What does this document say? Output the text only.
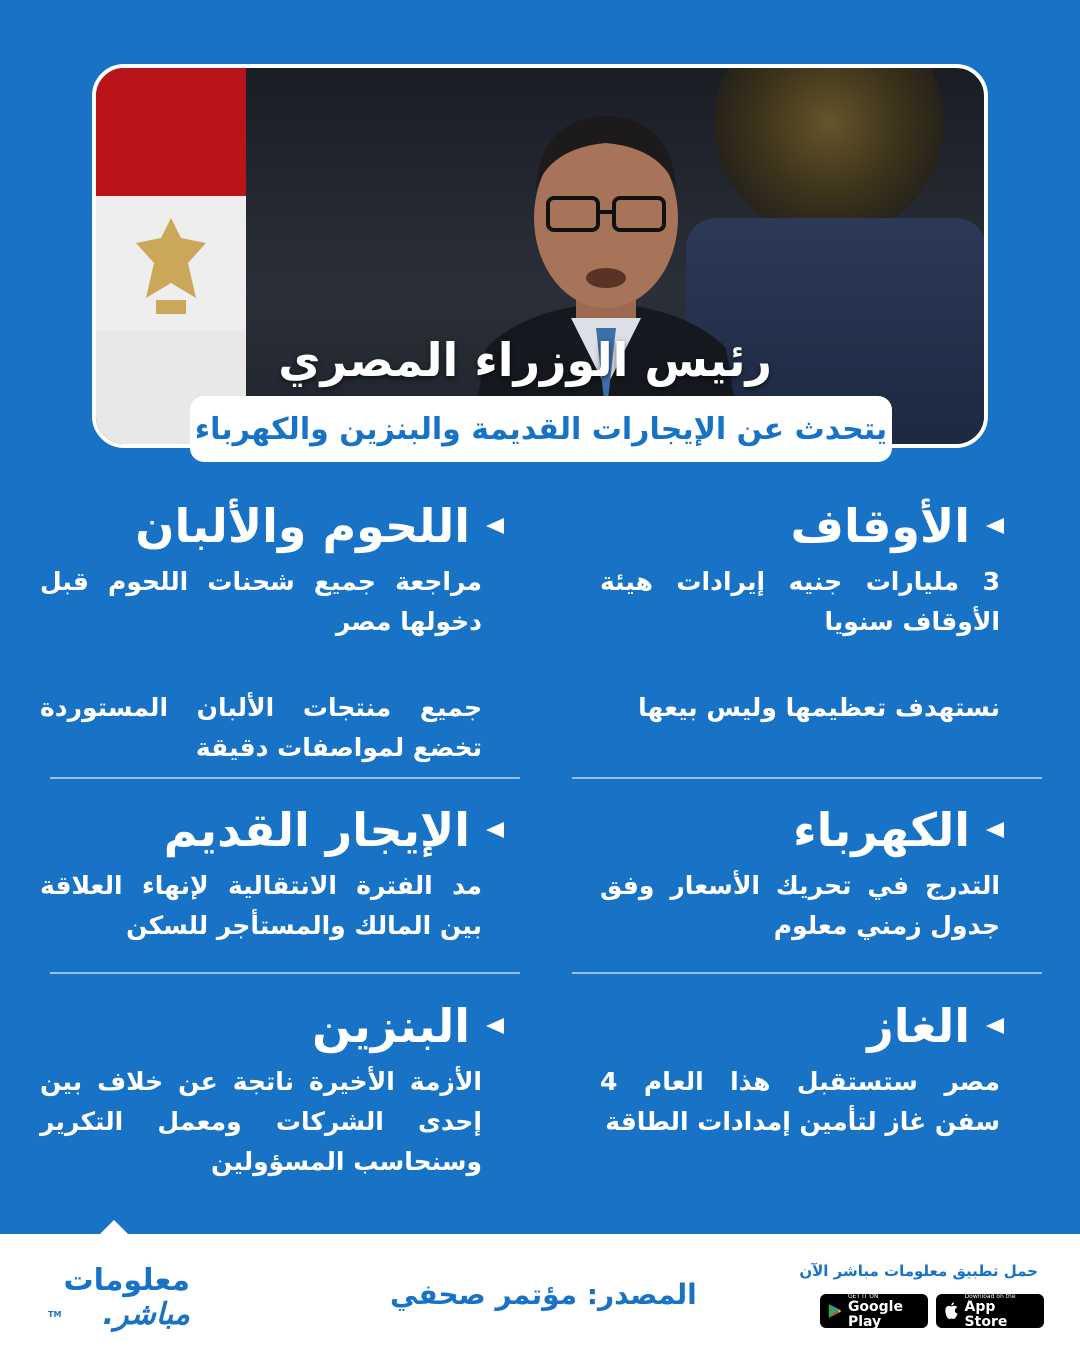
رئيس الوزراء المصري
يتحدث عن الإيجارات القديمة والبنزين والكهرباء
الأوقاف
3 مليارات جنيه إيرادات هيئة الأوقاف سنويا
نستهدف تعظيمها وليس بيعها
اللحوم والألبان
مراجعة جميع شحنات اللحوم قبل دخولها مصر
جميع منتجات الألبان المستوردة تخضع لمواصفات دقيقة
الكهرباء
التدرج في تحريك الأسعار وفق جدول زمني معلوم
الإيجار القديم
مد الفترة الانتقالية لإنهاء العلاقة بين المالك والمستأجر للسكن
الغاز
مصر ستستقبل هذا العام 4 سفن غاز لتأمين إمدادات الطاقة
البنزين
الأزمة الأخيرة ناتجة عن خلاف بين إحدى الشركات ومعمل التكرير وسنحاسب المسؤولين
معلومات
مباشر.
TM
المصدر: مؤتمر صحفي
حمل تطبيق معلومات مباشر الآن
GET IT ON
Google Play
Download on the
App Store
